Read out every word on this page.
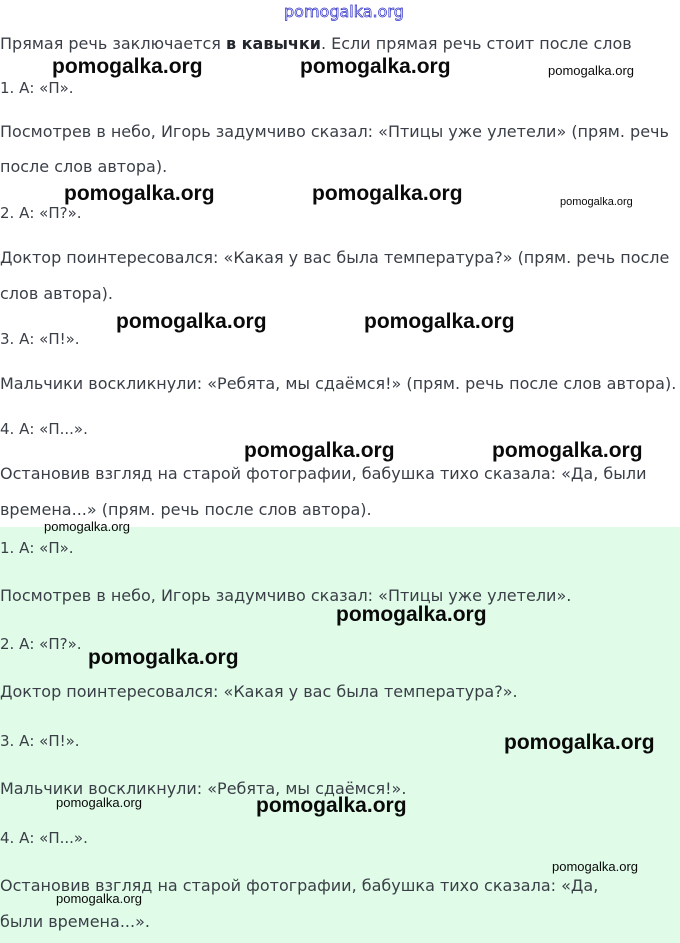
pomogalka.org
Прямая речь заключается в кавычки. Если прямая речь стоит после слов
1. А: «П».
Посмотрев в небо, Игорь задумчиво сказал: «Птицы уже улетели» (прям. речь
после слов автора).
2. А: «П?».
Доктор поинтересовался: «Какая у вас была температура?» (прям. речь после
слов автора).
3. А: «П!».
Мальчики воскликнули: «Ребята, мы сдаёмся!» (прям. речь после слов автора).
4. А: «П...».
Остановив взгляд на старой фотографии, бабушка тихо сказала: «Да, были
времена...» (прям. речь после слов автора).
1. А: «П».
Посмотрев в небо, Игорь задумчиво сказал: «Птицы уже улетели».
2. А: «П?».
Доктор поинтересовался: «Какая у вас была температура?».
3. А: «П!».
Мальчики воскликнули: «Ребята, мы сдаёмся!».
4. А: «П...».
Остановив взгляд на старой фотографии, бабушка тихо сказала: «Да,
были времена...».
pomogalka.org	pomogalka.org	pomogalka.org
pomogalka.org	pomogalka.org	pomogalka.org
pomogalka.org	pomogalka.org
pomogalka.org	pomogalka.org
pomogalka.org
pomogalka.org
pomogalka.org
pomogalka.org
pomogalka.org	pomogalka.org
pomogalka.org
pomogalka.org
